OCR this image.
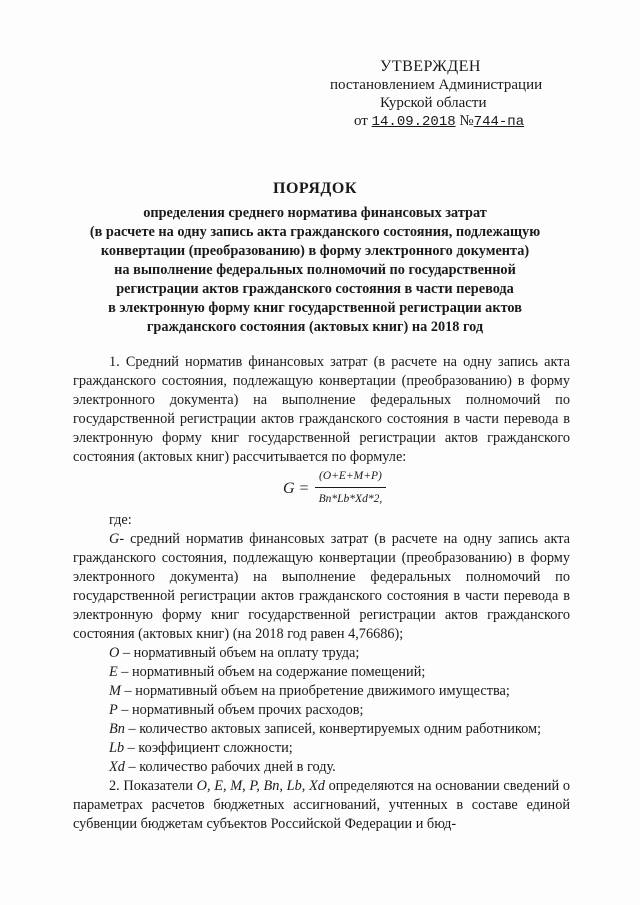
УТВЕРЖДЕН
постановлением Администрации
Курской области
от 14.09.2018 №744-па
ПОРЯДОК
определения среднего норматива финансовых затрат
(в расчете на одну запись акта гражданского состояния, подлежащую
конвертации (преобразованию) в форму электронного документа)
на выполнение федеральных полномочий по государственной
регистрации актов гражданского состояния в части перевода
в электронную форму книг государственной регистрации актов
гражданского состояния (актовых книг) на 2018 год

1. Средний норматив финансовых затрат (в расчете на одну запись акта гражданского состояния, подлежащую конвертации (преобразованию) в форму электронного документа) на выполнение федеральных полномочий по государственной регистрации актов гражданского состояния в части перевода в электронную форму книг государственной регистрации актов гражданского состояния (актовых книг) рассчитывается по формуле:

$G = \frac{(O+E+M+P)}{Bn*Lb*Xd*2,}$

где:

G- средний норматив финансовых затрат (в расчете на одну запись акта гражданского состояния, подлежащую конвертации (преобразованию) в форму электронного документа) на выполнение федеральных полномочий по государственной регистрации актов гражданского состояния в части перевода в электронную форму книг государственной регистрации актов гражданского состояния (актовых книг) (на 2018 год равен 4,76686);

O – нормативный объем на оплату труда;

E – нормативный объем на содержание помещений;

M – нормативный объем на приобретение движимого имущества;

P – нормативный объем прочих расходов;

Bn – количество актовых записей, конвертируемых одним работником;

Lb – коэффициент сложности;

Xd – количество рабочих дней в году.

2. Показатели O, E, M, P, Bn, Lb, Xd определяются на основании сведений о параметрах расчетов бюджетных ассигнований, учтенных в составе единой субвенции бюджетам субъектов Российской Федерации и бюд-
